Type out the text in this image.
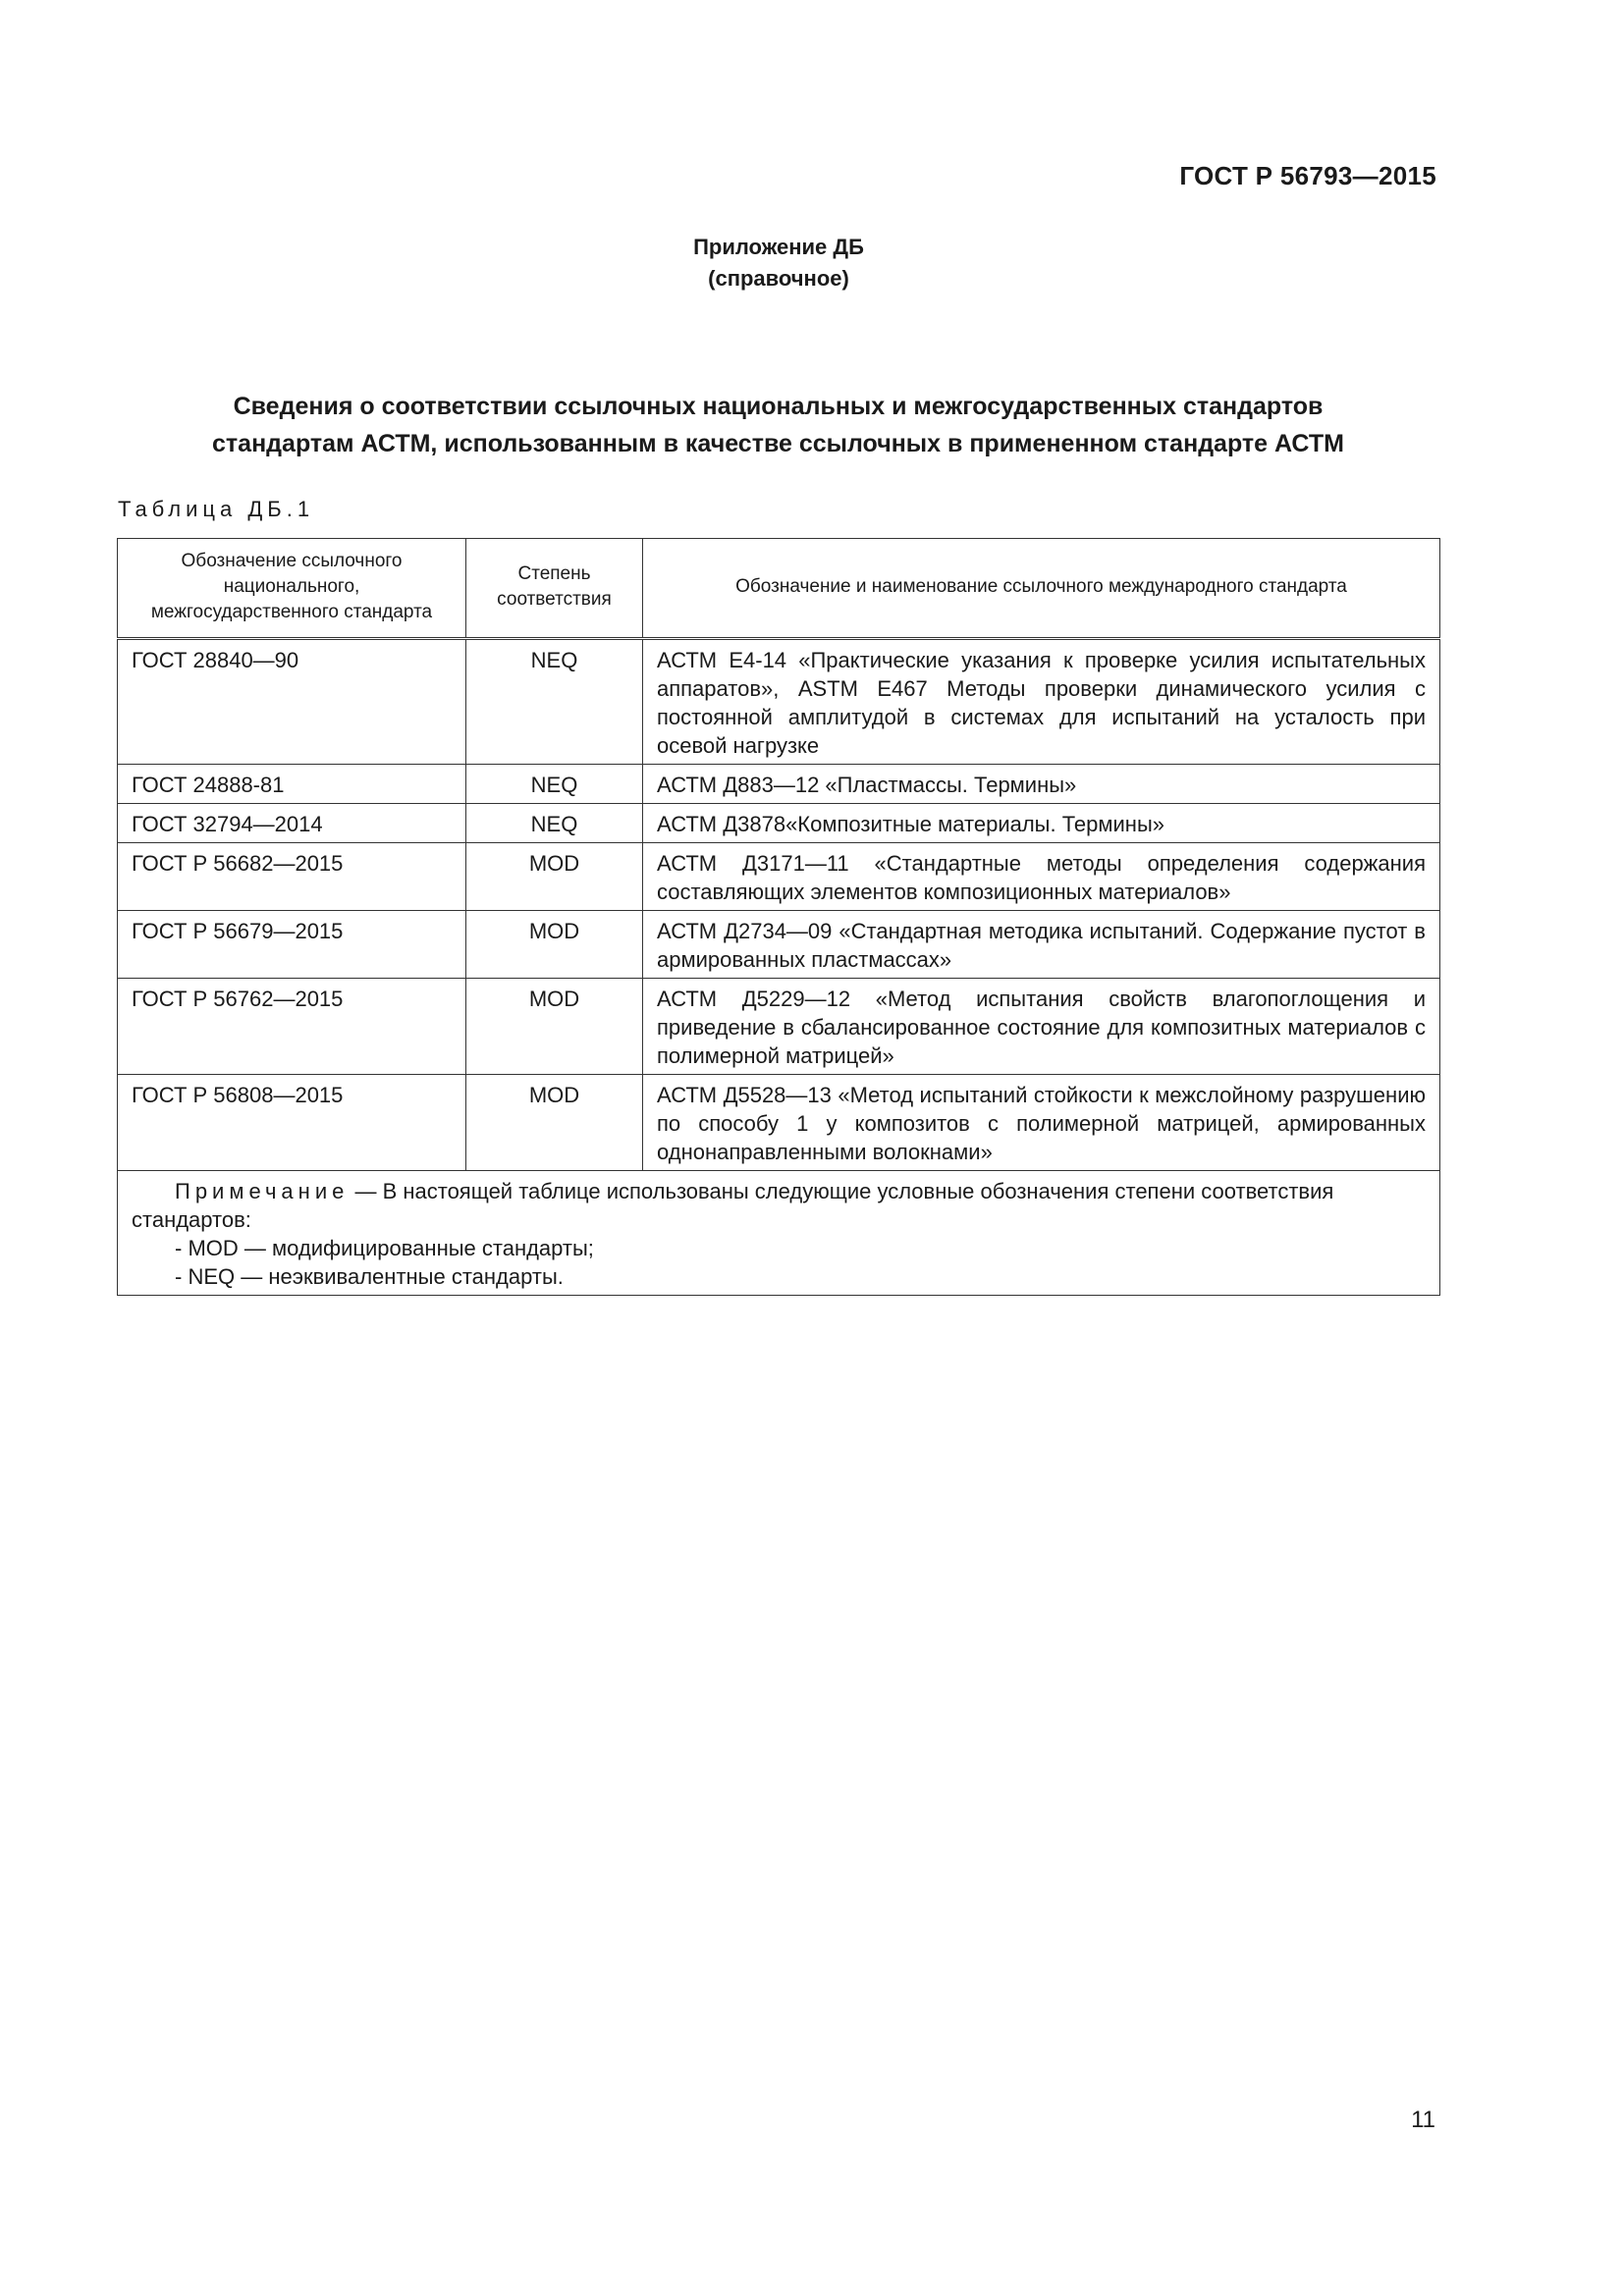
ГОСТ Р 56793—2015
Приложение ДБ
(справочное)
Сведения о соответствии ссылочных национальных и межгосударственных стандартов
стандартам АСТМ, использованным в качестве ссылочных в примененном стандарте АСТМ
Таблица ДБ.1
Обозначение ссылочного национального, межгосударственного стандарта	Степень соответствия	Обозначение и наименование ссылочного международного стандарта
ГОСТ 28840—90	NEQ	АСТМ Е4-14 «Практические указания к проверке усилия испытательных аппаратов», ASTM E467 Методы проверки динамического усилия с постоянной амплитудой в системах для испытаний на усталость при осевой нагрузке
ГОСТ 24888-81	NEQ	АСТМ Д883—12 «Пластмассы. Термины»
ГОСТ 32794—2014	NEQ	АСТМ Д3878«Композитные материалы. Термины»
ГОСТ Р 56682—2015	MOD	АСТМ Д3171—11 «Стандартные методы определения содержания составляющих элементов композиционных материалов»
ГОСТ Р 56679—2015	MOD	АСТМ Д2734—09 «Стандартная методика испытаний. Содержание пустот в армированных пластмассах»
ГОСТ Р 56762—2015	MOD	АСТМ Д5229—12 «Метод испытания свойств влагопоглощения и приведение в сбалансированное состояние для композитных материалов с полимерной матрицей»
ГОСТ Р 56808—2015	MOD	АСТМ Д5528—13 «Метод испытаний стойкости к межслойному разрушению по способу 1 у композитов с полимерной матрицей, армированных однонаправленными волокнами»

Примечание — В настоящей таблице использованы следующие условные обозначения степени соответствия стандартов:
- MOD — модифицированные стандарты;
- NEQ — неэквивалентные стандарты.		
11
